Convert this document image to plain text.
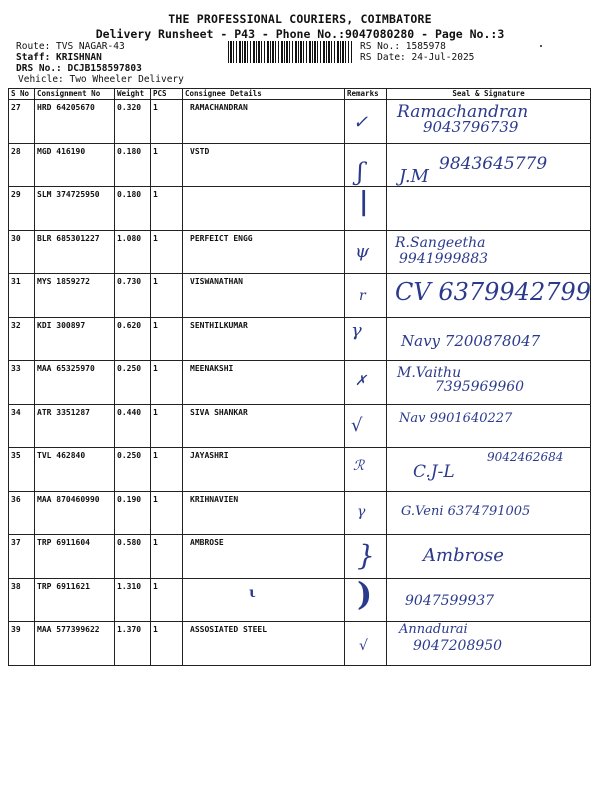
THE PROFESSIONAL COURIERS, COIMBATORE
Delivery Runsheet - P43 - Phone No.:9047080280 - Page No.:3
Route: TVS NAGAR-43
Staff: KRISHNAN
DRS No.: DCJB158597803
Vehicle: Two Wheeler Delivery
RS No.: 1585978
RS Date: 24-Jul-2025
S No	Consignment No	Weight	PCS	Consignee Details	Remarks	Seal & Signature
27	HRD 64205670	0.320	1	RAMACHANDRAN	✓	Ramachandran
9043796739

28	MGD 416190	0.180	1	VSTD	ʃ	J.M
9843645779

29	SLM 374725950	0.180	1		|	

30	BLR 685301227	1.080	1	PERFEICT ENGG	ψ	R.Sangeetha
9941999883

31	MYS 1859272	0.730	1	VISWANATHAN	r	CV 6379942799

32	KDI 300897	0.620	1	SENTHILKUMAR	γ	Navy 7200878047

33	MAA 65325970	0.250	1	MEENAKSHI	✗	M.Vaithu
7395969960

34	ATR 3351287	0.440	1	SIVA SHANKAR	√	Nav 9901640227

35	TVL 462840	0.250	1	JAYASHRI	ℛ	9042462684
C.J-L

36	MAA 870460990	0.190	1	KRIHNAVIEN	γ	G.Veni 6374791005

37	TRP 6911604	0.580	1	AMBROSE	}	Ambrose

38	TRP 6911621	1.310	1	ι	)	9047599937

39	MAA 577399622	1.370	1	ASSOSIATED STEEL	√	Annadurai
9047208950
